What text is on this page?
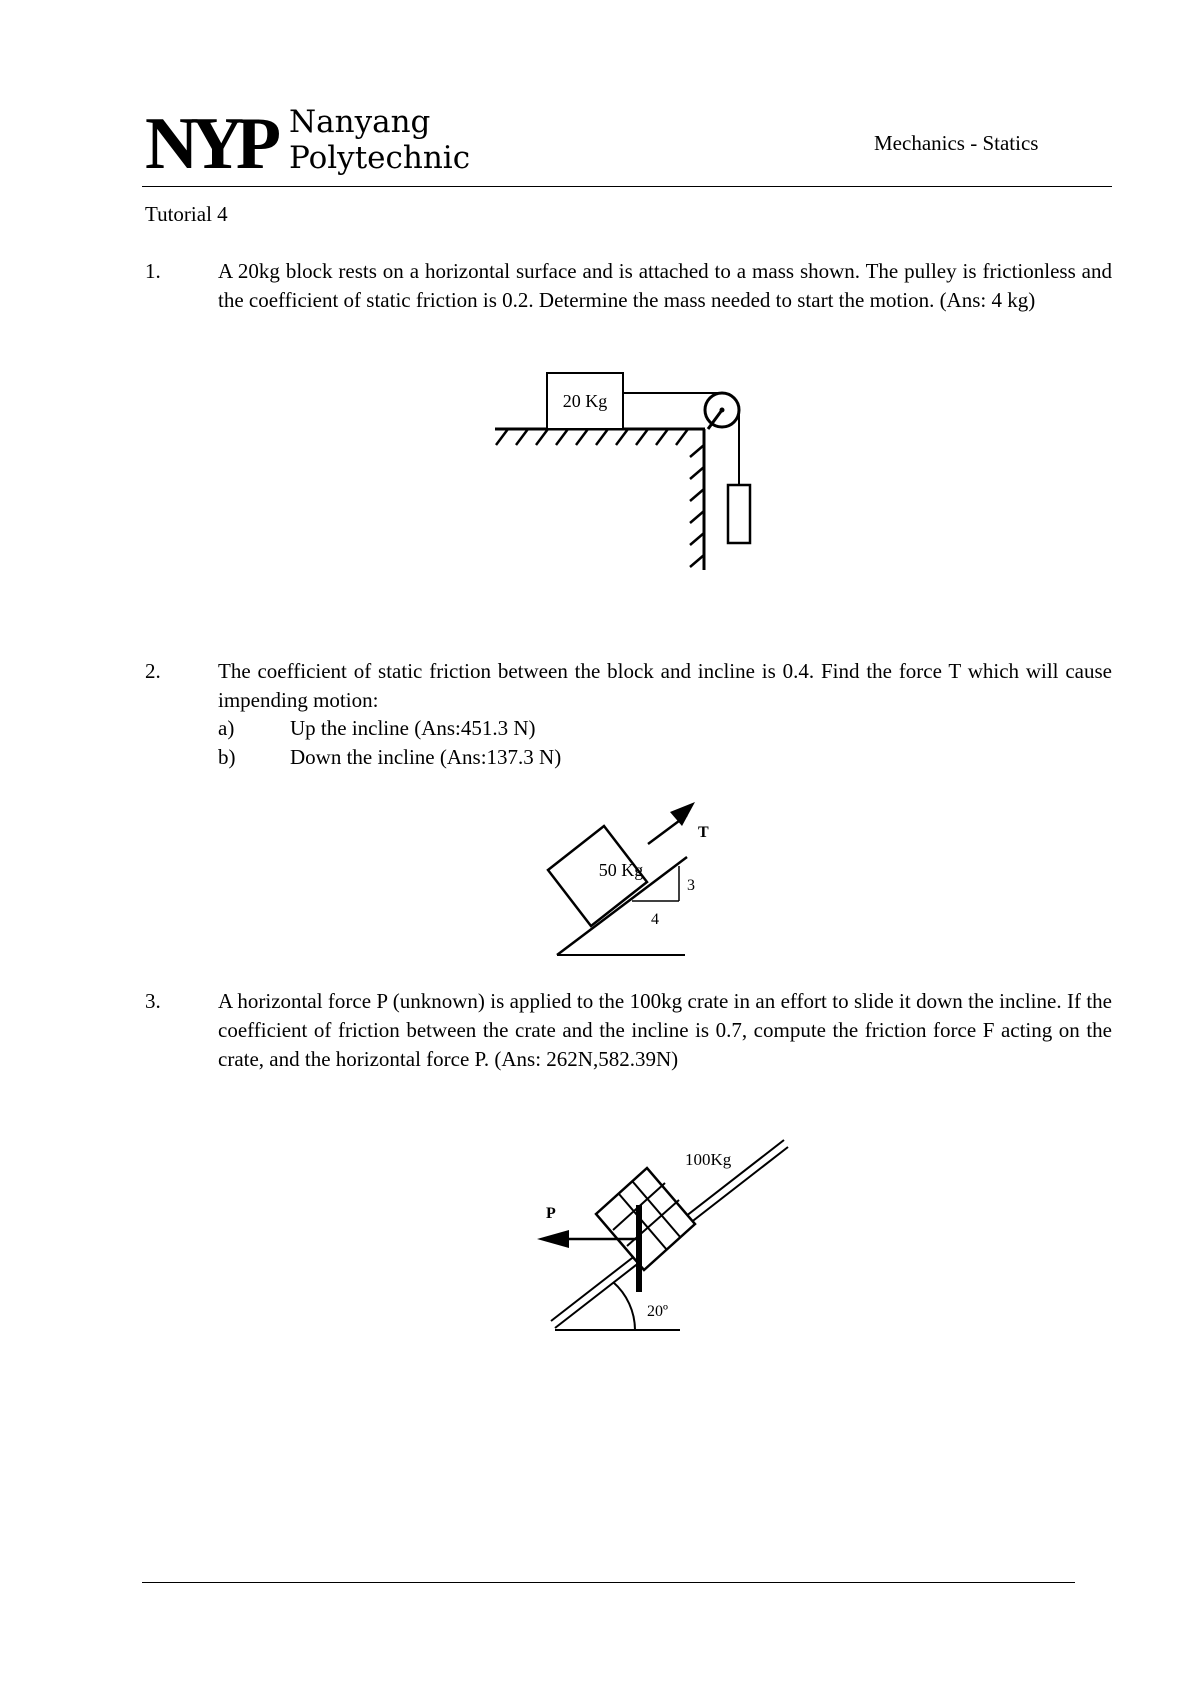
NYP Nanyang
Polytechnic	Mechanics - Statics
Tutorial 4
1.	A 20kg block rests on a horizontal surface and is attached to a mass shown. The pulley is frictionless and the coefficient of static friction is 0.2. Determine the mass needed to start the motion. (Ans: 4 kg)
20 Kg
2.	The coefficient of static friction between the block and incline is 0.4. Find the force T which will cause impending motion:
a)	Up the incline (Ans:451.3 N)
b)	Down the incline (Ans:137.3 N)
50 Kg
3
4
T
3.	A horizontal force P (unknown) is applied to the 100kg crate in an effort to slide it down the incline. If the coefficient of friction between the crate and the incline is 0.7, compute the friction force F acting on the crate, and the horizontal force P. (Ans: 262N,582.39N)
20º
100Kg
P
